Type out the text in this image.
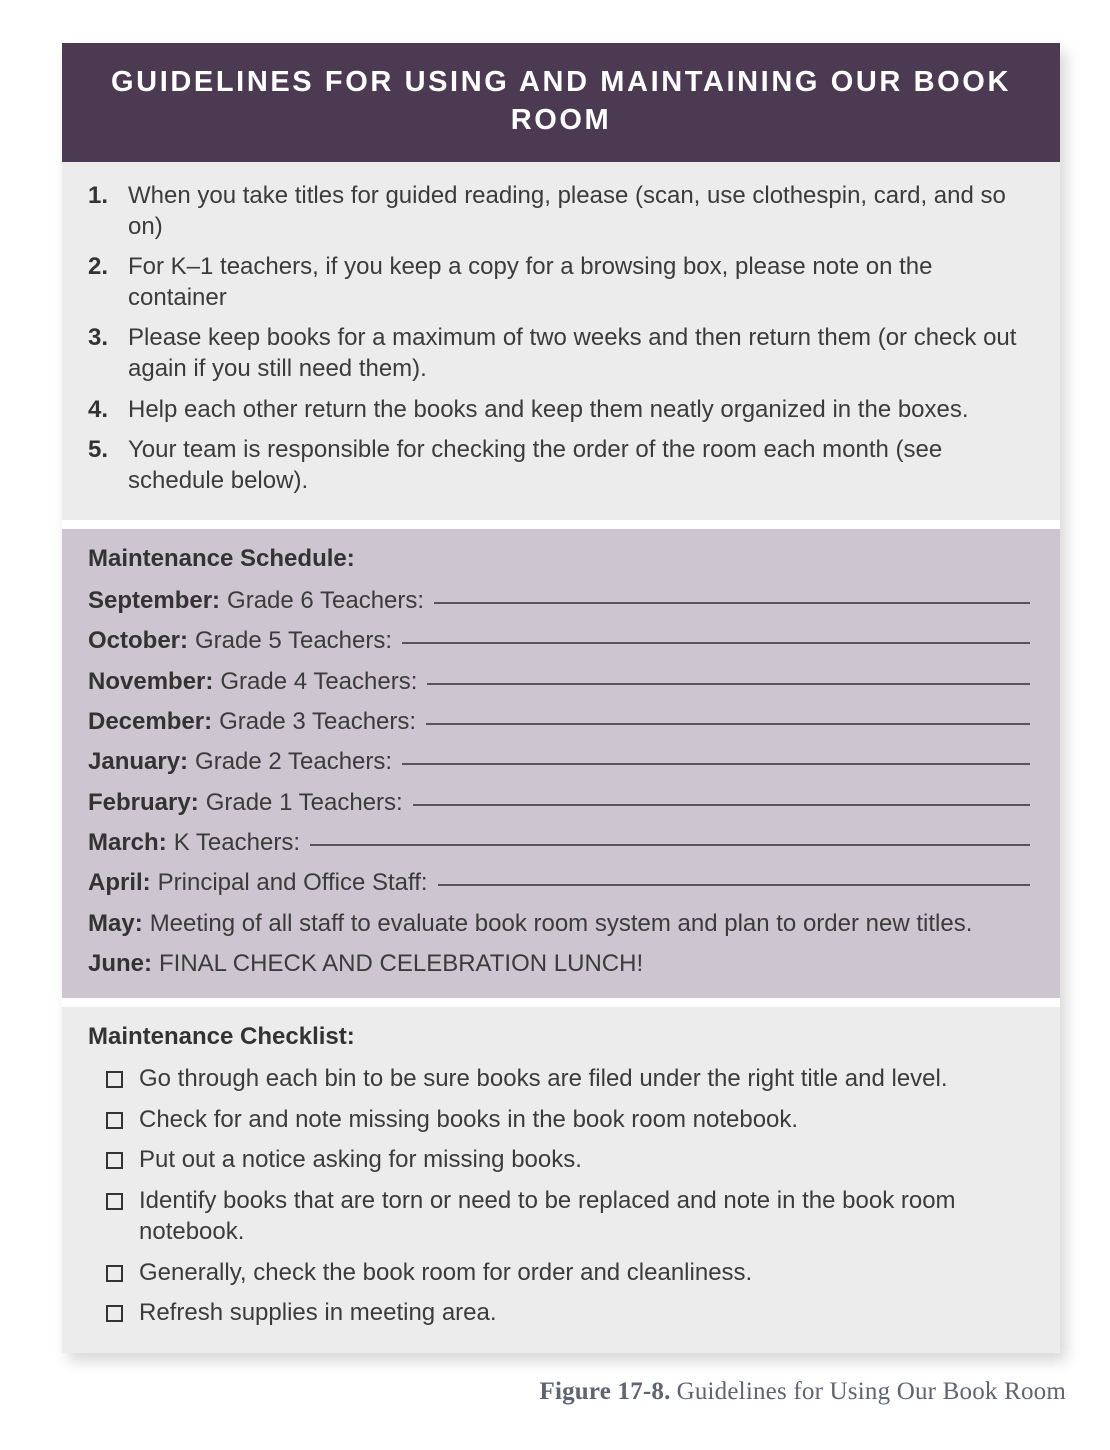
GUIDELINES FOR USING AND MAINTAINING OUR BOOK ROOM
1. When you take titles for guided reading, please (scan, use clothespin, card, and so on)
2. For K–1 teachers, if you keep a copy for a browsing box, please note on the container
3. Please keep books for a maximum of two weeks and then return them (or check out again if you still need them).
4. Help each other return the books and keep them neatly organized in the boxes.
5. Your team is responsible for checking the order of the room each month (see schedule below).
Maintenance Schedule:
September: Grade 6 Teachers:
October: Grade 5 Teachers:
November: Grade 4 Teachers:
December: Grade 3 Teachers:
January: Grade 2 Teachers:
February: Grade 1 Teachers:
March: K Teachers:
April: Principal and Office Staff:
May: Meeting of all staff to evaluate book room system and plan to order new titles.
June: FINAL CHECK AND CELEBRATION LUNCH!
Maintenance Checklist:
Go through each bin to be sure books are filed under the right title and level.
Check for and note missing books in the book room notebook.
Put out a notice asking for missing books.
Identify books that are torn or need to be replaced and note in the book room notebook.
Generally, check the book room for order and cleanliness.
Refresh supplies in meeting area.
Figure 17-8. Guidelines for Using Our Book Room
